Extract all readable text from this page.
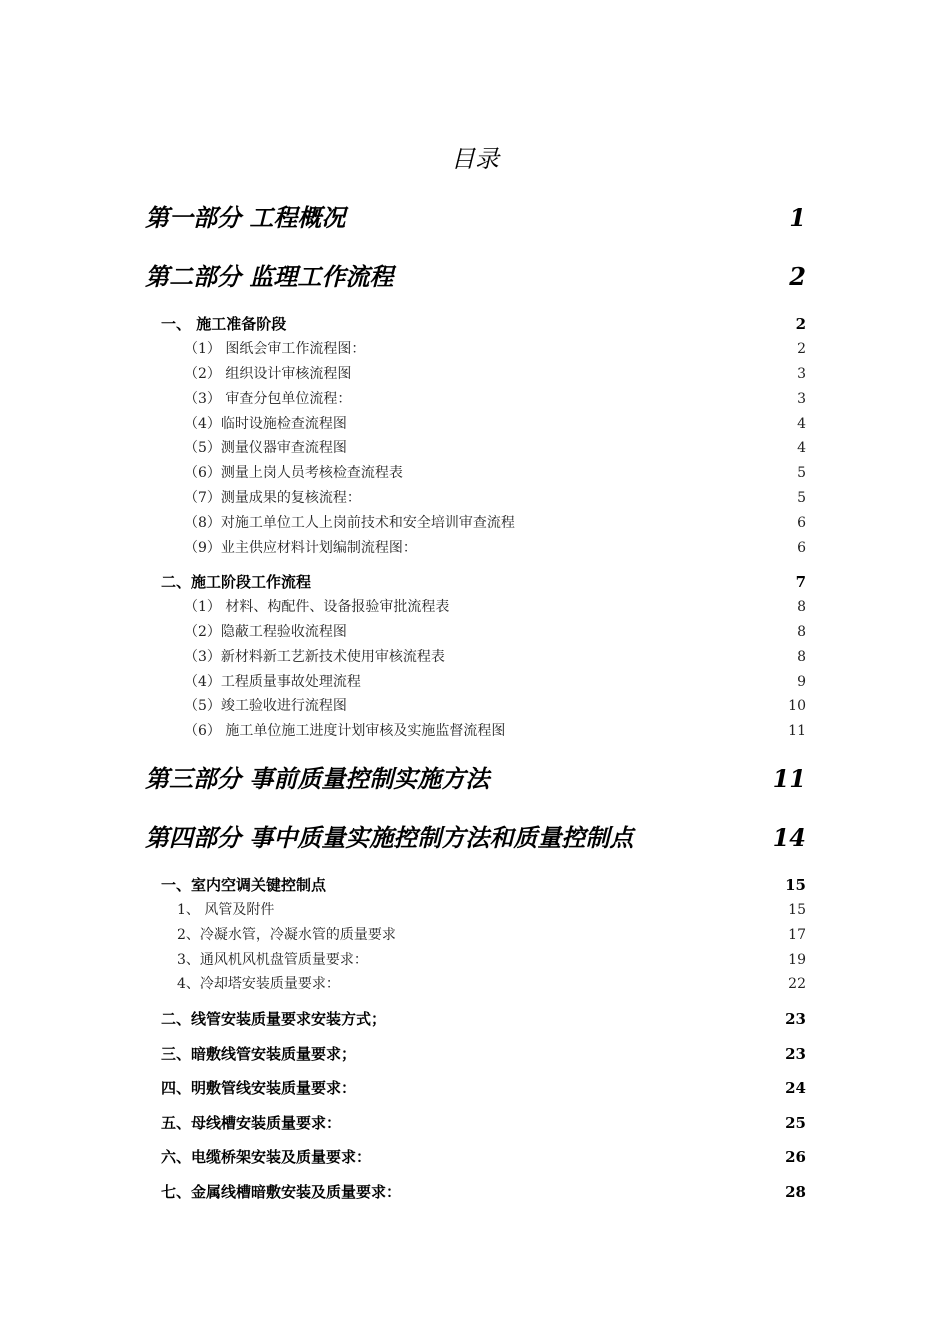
目录
第一部分 工程概况	1
第二部分 监理工作流程	2
一、 施工准备阶段	2
（1） 图纸会审工作流程图：	2
（2） 组织设计审核流程图	3
（3） 审查分包单位流程：	3
（4）临时设施检查流程图	4
（5）测量仪器审查流程图	4
（6）测量上岗人员考核检查流程表	5
（7）测量成果的复核流程：	5
（8）对施工单位工人上岗前技术和安全培训审查流程	6
（9）业主供应材料计划编制流程图：	6
二、施工阶段工作流程	7
（1） 材料、构配件、设备报验审批流程表	8
（2）隐蔽工程验收流程图	8
（3）新材料新工艺新技术使用审核流程表	8
（4）工程质量事故处理流程	9
（5）竣工验收进行流程图	10
（6） 施工单位施工进度计划审核及实施监督流程图	11
第三部分 事前质量控制实施方法	11
第四部分 事中质量实施控制方法和质量控制点	14
一、室内空调关键控制点	15
1、 风管及附件	15
2、冷凝水管，冷凝水管的质量要求	17
3、通风机风机盘管质量要求：	19
4、冷却塔安装质量要求：	22
二、线管安装质量要求安装方式；	23
三、暗敷线管安装质量要求；	23
四、明敷管线安装质量要求：	24
五、母线槽安装质量要求：	25
六、电缆桥架安装及质量要求：	26
七、金属线槽暗敷安装及质量要求：	28
